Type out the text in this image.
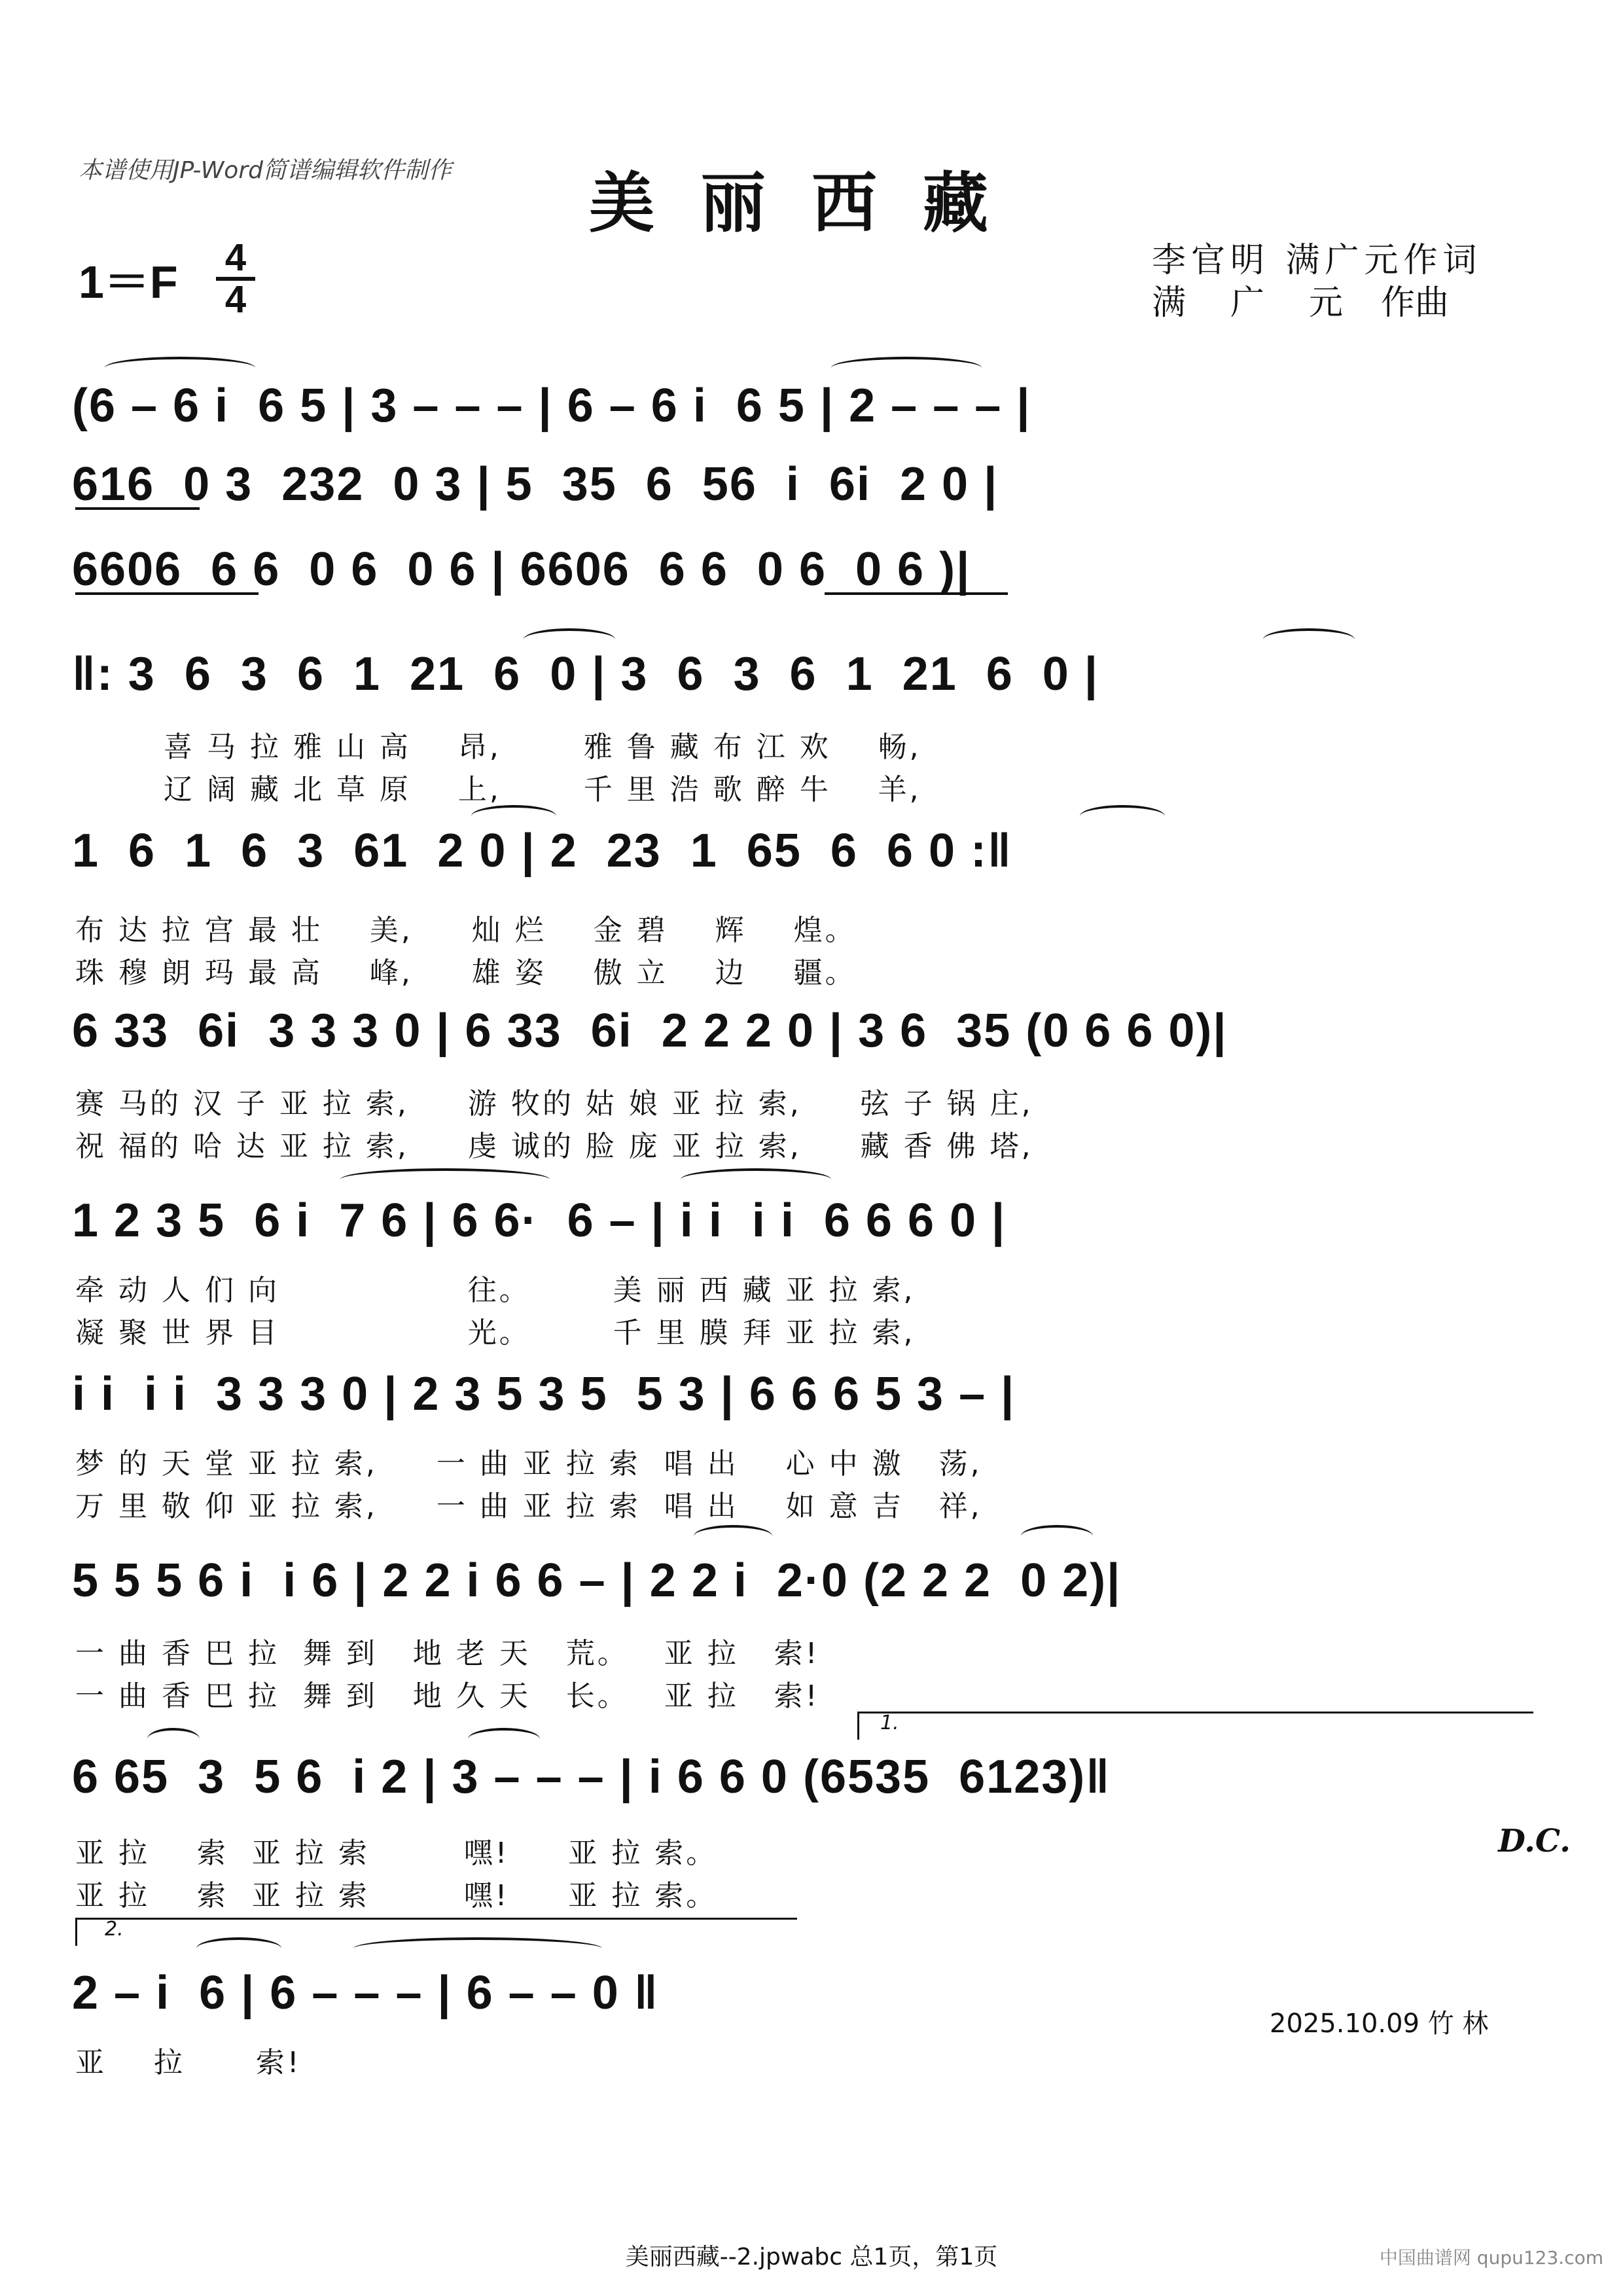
本谱使用JP-Word简谱编辑软件制作	美丽西藏
$1=F \frac{4}{4}$	李官明 满广元作词
满 广 元 作曲
(6 – 6 i  6 5 | 3 – – – | 6 – 6 i  6 5 | 2 – – – |
616  0 3  232  0 3 | 5  35  6  56  i  6i  2 0 |
6606  6 6  0 6  0 6 | 6606  6 6  0 6  0 6 )|
‖: 3  6  3  6  1  21  6  0 | 3  6  3  6  1  21  6  0 |
喜 马 拉 雅 山 高    昂,       雅 鲁 藏 布 江 欢    畅,
辽 阔 藏 北 草 原    上,       千 里 浩 歌 醉 牛    羊,
1  6  1  6  3  61  2 0 | 2  23  1  65  6  6 0 :‖
布 达 拉 宫 最 壮    美,     灿 烂    金 碧    辉    煌。
珠 穆 朗 玛 最 高    峰,     雄 姿    傲 立    边    疆。
6 33  6i  3 3 3 0 | 6 33  6i  2 2 2 0 | 3 6  35 (0 6 6 0)|
赛 马的 汉 子 亚 拉 索,     游 牧的 姑 娘 亚 拉 索,     弦 子 锅 庄,
祝 福的 哈 达 亚 拉 索,     虔 诚的 脸 庞 亚 拉 索,     藏 香 佛 塔,
1 2 3 5  6 i  7 6 | 6 6·  6 – | i i  i i  6 6 6 0 |
牵 动 人 们 向                往。       美 丽 西 藏 亚 拉 索,
凝 聚 世 界 目                光。       千 里 膜 拜 亚 拉 索,
i i  i i  3 3 3 0 | 2 3 5 3 5  5 3 | 6 6 6 5 3 – |
梦 的 天 堂 亚 拉 索,     一 曲 亚 拉 索  唱 出    心 中 激   荡,
万 里 敬 仰 亚 拉 索,     一 曲 亚 拉 索  唱 出    如 意 吉   祥,
5 5 5 6 i  i 6 | 2 2 i 6 6 – | 2 2 i  2·0 (2 2 2  0 2)|
一 曲 香 巴 拉  舞 到   地 老 天   荒。   亚 拉   索!
一 曲 香 巴 拉  舞 到   地 久 天   长。   亚 拉   索!
1.
6 65  3  5 6  i 2 | 3 – – – | i 6 6 0 (6535  6123)‖
亚 拉    索  亚 拉 索        嘿!     亚 拉 索。
亚 拉    索  亚 拉 索        嘿!     亚 拉 索。
D.C.
2.
2 – i  6 | 6 – – – | 6 – – 0 ‖
亚    拉      索!
2025.10.09 竹 林
美丽西藏--2.jpwabc 总1页，第1页	中国曲谱网 qupu123.com
